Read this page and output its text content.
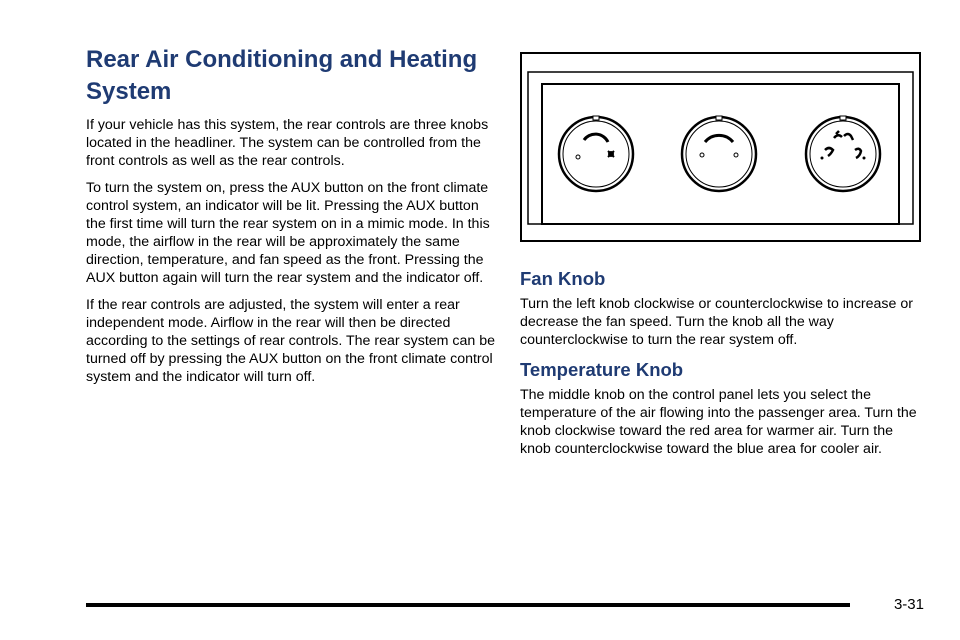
Rear Air Conditioning and Heating System

If your vehicle has this system, the rear controls are three knobs located in the headliner. The system can be controlled from the front controls as well as the rear controls.

To turn the system on, press the AUX button on the front climate control system, an indicator will be lit. Pressing the AUX button the first time will turn the rear system on in a mimic mode. In this mode, the airflow in the rear will be approximately the same direction, temperature, and fan speed as the front. Pressing the AUX button again will turn the rear system and the indicator off.

If the rear controls are adjusted, the system will enter a rear independent mode. Airflow in the rear will then be directed according to the settings of rear controls. The rear system can be turned off by pressing the AUX button on the front climate control system and the indicator will turn off.

Fan Knob

Turn the left knob clockwise or counterclockwise to increase or decrease the fan speed. Turn the knob all the way counterclockwise to turn the rear system off.

Temperature Knob

The middle knob on the control panel lets you select the temperature of the air flowing into the passenger area. Turn the knob clockwise toward the red area for warmer air. Turn the knob counterclockwise toward the blue area for cooler air.

3-31
